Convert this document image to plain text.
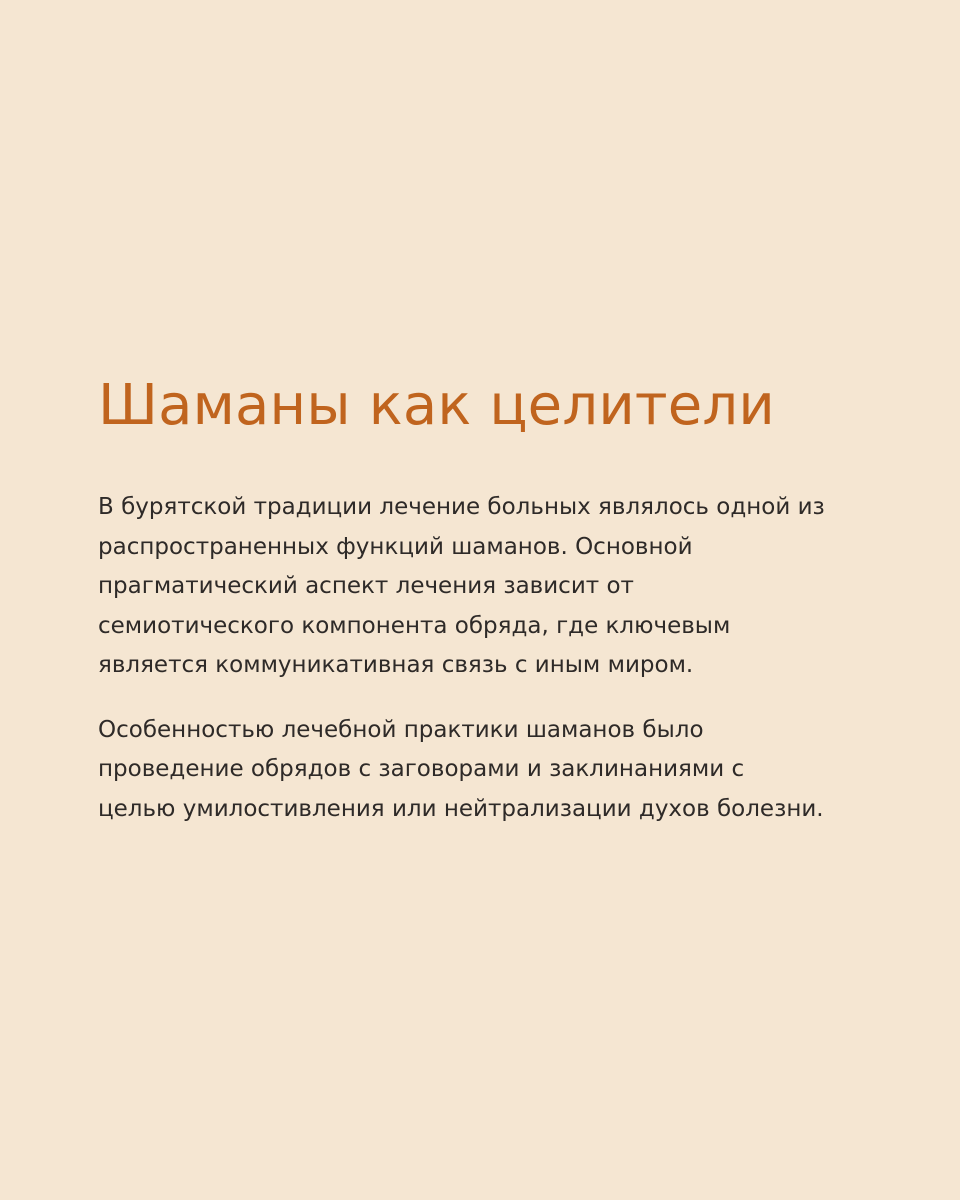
Шаманы как целители

В бурятской традиции лечение больных являлось одной из
распространенных функций шаманов. Основной
прагматический аспект лечения зависит от
семиотического компонента обряда, где ключевым
является коммуникативная связь с иным миром.

Особенностью лечебной практики шаманов было
проведение обрядов с заговорами и заклинаниями с
целью умилостивления или нейтрализации духов болезни.
